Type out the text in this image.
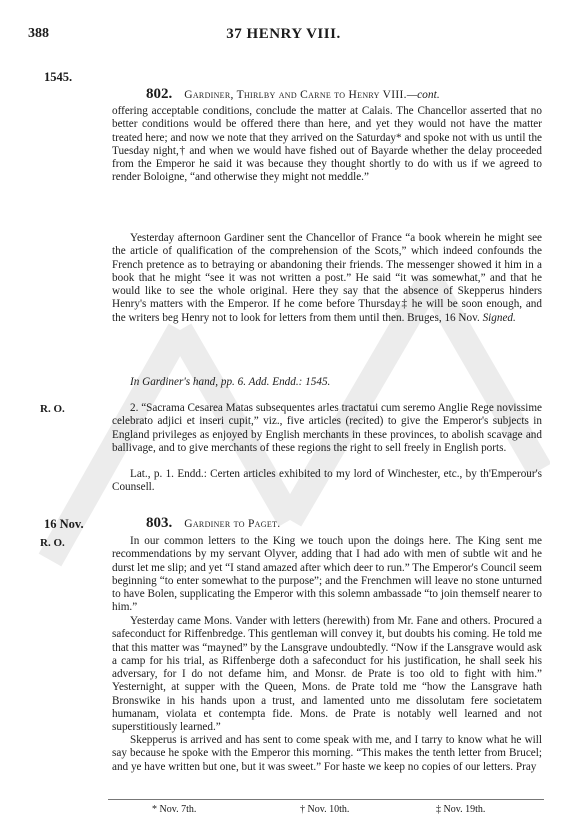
388	37 HENRY VIII.
1545.
802. Gardiner, Thirlby and Carne to Henry VIII.—cont.

offering acceptable conditions, conclude the matter at Calais. The Chancellor asserted that no better conditions would be offered there than here, and yet they would not have the matter treated here; and now we note that they arrived on the Saturday* and spoke not with us until the Tuesday night,† and when we would have fished out of Bayarde whether the delay proceeded from the Emperor he said it was because they thought shortly to do with us if we agreed to render Boloigne, “and otherwise they might not meddle.”

Yesterday afternoon Gardiner sent the Chancellor of France “a book wherein he might see the article of qualification of the comprehension of the Scots,” which indeed confounds the French pretence as to betraying or abandoning their friends. The messenger showed it him in a book that he might “see it was not written a post.” He said “it was somewhat,” and that he would like to see the whole original. Here they say that the absence of Skepperus hinders Henry's matters with the Emperor. If he come before Thursday‡ he will be soon enough, and the writers beg Henry not to look for letters from them until then. Bruges, 16 Nov. Signed.

In Gardiner's hand, pp. 6. Add. Endd.: 1545.

R. O.	2. “Sacrama Cesarea Matas subsequentes arles tractatui cum seremo Anglie Rege novissime celebrato adjici et inseri cupit,” viz., five articles (recited) to give the Emperor's subjects in England privileges as enjoyed by English merchants in these provinces, to abolish scavage and ballivage, and to give merchants of these regions the right to sell freely in English ports.

Lat., p. 1. Endd.: Certen articles exhibited to my lord of Winchester, etc., by th'Emperour's Counsell.

16 Nov.	803. Gardiner to Paget.
R. O.	In our common letters to the King we touch upon the doings here. The King sent me recommendations by my servant Olyver, adding that I had ado with men of subtle wit and he durst let me slip; and yet “I stand amazed after which deer to run.” The Emperor's Council seem beginning “to enter somewhat to the purpose”; and the Frenchmen will leave no stone unturned to have Bolen, supplicating the Emperor with this solemn ambassade “to join themself nearer to him.”

Yesterday came Mons. Vander with letters (herewith) from Mr. Fane and others. Procured a safeconduct for Riffenbredge. This gentleman will convey it, but doubts his coming. He told me that this matter was “mayned” by the Lansgrave undoubtedly. “Now if the Lansgrave would ask a camp for his trial, as Riffenberge doth a safeconduct for his justification, he shall seek his adversary, for I do not defame him, and Monsr. de Prate is too old to fight with him.” Yesternight, at supper with the Queen, Mons. de Prate told me “how the Lansgrave hath Bronswike in his hands upon a trust, and lamented unto me dissolutam fere societatem humanam, violata et contempta fide. Mons. de Prate is notably well learned and not superstitiously learned.”

Skepperus is arrived and has sent to come speak with me, and I tarry to know what he will say because he spoke with the Emperor this morning. “This makes the tenth letter from Brucel; and ye have written but one, but it was sweet.” For haste we keep no copies of our letters. Pray

* Nov. 7th.	† Nov. 10th.	‡ Nov. 19th.
